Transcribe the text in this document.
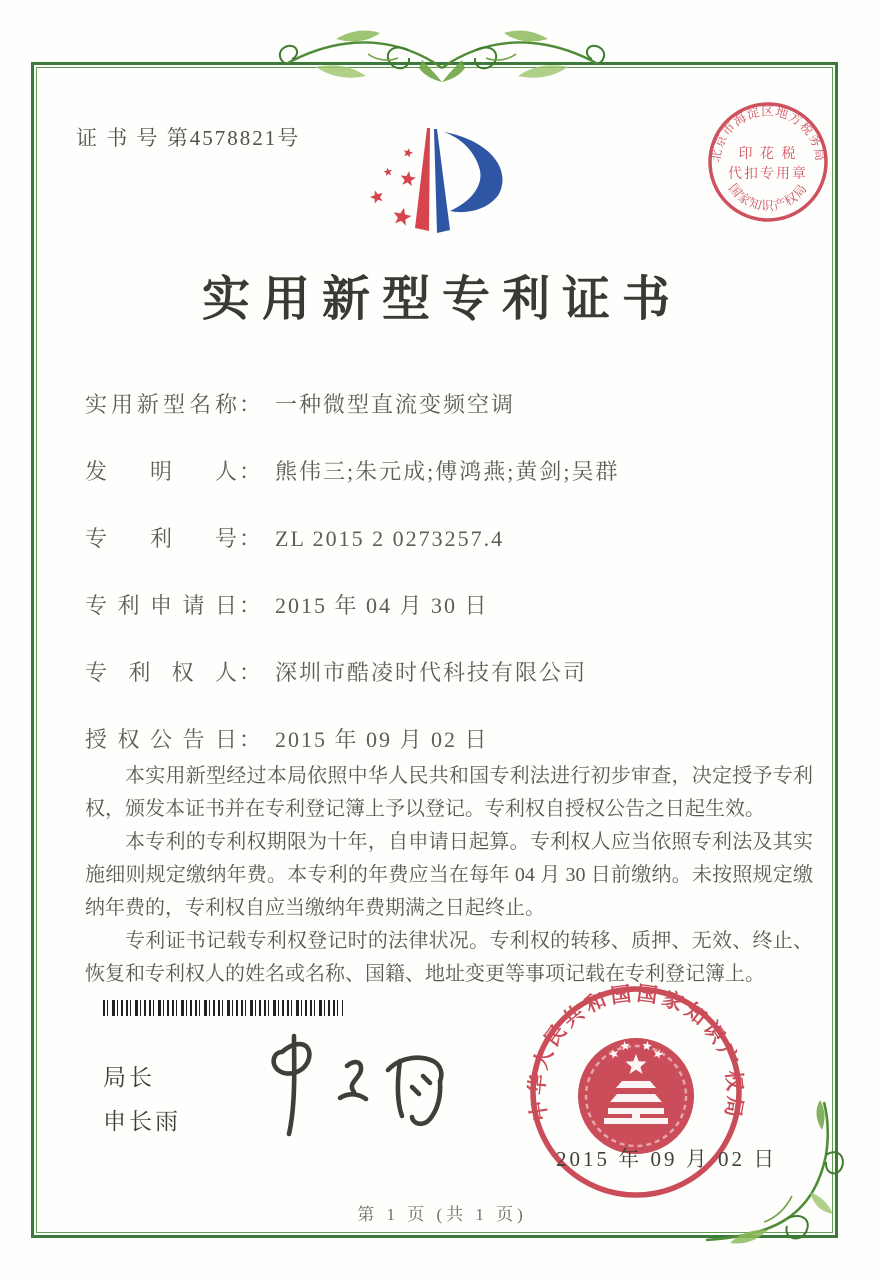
证 书 号 第4578821号
实用新型专利证书
实用新型名称： 一种微型直流变频空调
发明人： 熊伟三;朱元成;傅鸿燕;黄剑;吴群
专利号： ZL 2015 2 0273257.4
专利申请日： 2015 年 04 月 30 日
专利权人： 深圳市酷凌时代科技有限公司
授权公告日： 2015 年 09 月 02 日

本实用新型经过本局依照中华人民共和国专利法进行初步审查，决定授予专利权，颁发本证书并在专利登记簿上予以登记。专利权自授权公告之日起生效。

本专利的专利权期限为十年，自申请日起算。专利权人应当依照专利法及其实施细则规定缴纳年费。本专利的年费应当在每年 04 月 30 日前缴纳。未按照规定缴纳年费的，专利权自应当缴纳年费期满之日起终止。

专利证书记载专利权登记时的法律状况。专利权的转移、质押、无效、终止、恢复和专利权人的姓名或名称、国籍、地址变更等事项记载在专利登记簿上。

局长
申长雨
北京市海淀区地方税务局
国家知识产权局
印 花 税
代扣专用章
中华人民共和国国家知识产权局
2015 年 09 月 02 日
第 1 页 (共 1 页)
